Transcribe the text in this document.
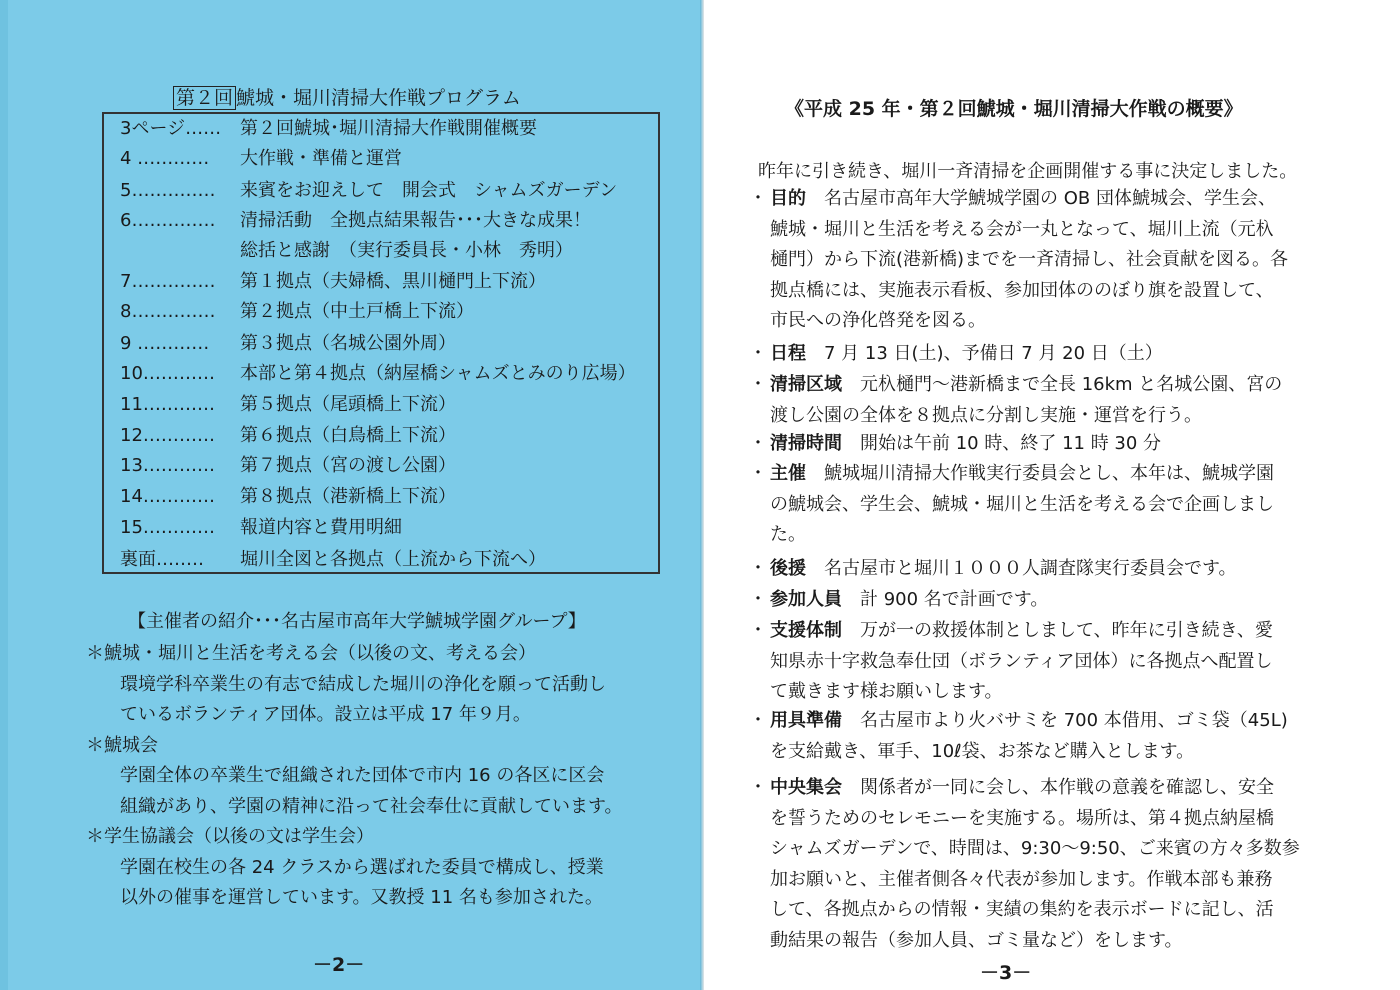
第２回 鯱城・堀川清掃大作戦プログラム
3ページ‥‥‥ 第２回鯱城･堀川清掃大作戦開催概要
4 ‥‥‥‥‥‥ 大作戦・準備と運営
5‥‥‥‥‥‥‥ 来賓をお迎えして　開会式　シャムズガーデン
6‥‥‥‥‥‥‥ 清掃活動　全拠点結果報告･･･大きな成果！
総括と感謝　（実行委員長・小林　秀明）
7‥‥‥‥‥‥‥ 第１拠点（夫婦橋、黒川樋門上下流）
8‥‥‥‥‥‥‥ 第２拠点（中土戸橋上下流）
9 ‥‥‥‥‥‥ 第３拠点（名城公園外周）
10‥‥‥‥‥‥ 本部と第４拠点（納屋橋シャムズとみのり広場）
11‥‥‥‥‥‥ 第５拠点（尾頭橋上下流）
12‥‥‥‥‥‥ 第６拠点（白鳥橋上下流）
13‥‥‥‥‥‥ 第７拠点（宮の渡し公園）
14‥‥‥‥‥‥ 第８拠点（港新橋上下流）
15‥‥‥‥‥‥ 報道内容と費用明細
裏面‥‥‥‥ 堀川全図と各拠点（上流から下流へ）
【主催者の紹介･･･名古屋市高年大学鯱城学園グループ】
＊鯱城・堀川と生活を考える会（以後の文、考える会）
環境学科卒業生の有志で結成した堀川の浄化を願って活動し
ているボランティア団体。設立は平成 17 年９月。
＊鯱城会
学園全体の卒業生で組織された団体で市内 16 の各区に区会
組織があり、学園の精神に沿って社会奉仕に貢献しています。
＊学生協議会（以後の文は学生会）
学園在校生の各 24 クラスから選ばれた委員で構成し、授業
以外の催事を運営しています。又教授 11 名も参加された。
－2－
《平成 25 年・第２回鯱城・堀川清掃大作戦の概要》
昨年に引き続き、堀川一斉清掃を企画開催する事に決定しました。
・ 目的　 名古屋市高年大学鯱城学園の OB 団体鯱城会、学生会、
鯱城・堀川と生活を考える会が一丸となって、堀川上流（元杁
樋門）から下流(港新橋)までを一斉清掃し、社会貢献を図る。各
拠点橋には、実施表示看板、参加団体ののぼり旗を設置して、
市民への浄化啓発を図る。
・ 日程　 7 月 13 日(土)、予備日 7 月 20 日（土）
・ 清掃区域　 元杁樋門～港新橋まで全長 16km と名城公園、宮の
渡し公園の全体を８拠点に分割し実施・運営を行う。
・ 清掃時間　 開始は午前 10 時、終了 11 時 30 分
・ 主催　 鯱城堀川清掃大作戦実行委員会とし、本年は、鯱城学園
の鯱城会、学生会、鯱城・堀川と生活を考える会で企画しまし
た。
・ 後援　 名古屋市と堀川１０００人調査隊実行委員会です。
・ 参加人員　 計 900 名で計画です。
・ 支援体制　 万が一の救援体制としまして、昨年に引き続き、愛
知県赤十字救急奉仕団（ボランティア団体）に各拠点へ配置し
て戴きます様お願いします。
・ 用具準備　 名古屋市より火バサミを 700 本借用、ゴミ袋（45L)
を支給戴き、軍手、10ℓ袋、お茶など購入とします。
・ 中央集会　 関係者が一同に会し、本作戦の意義を確認し、安全
を誓うためのセレモニーを実施する。場所は、第４拠点納屋橋
シャムズガーデンで、時間は、9:30～9:50、ご来賓の方々多数参
加お願いと、主催者側各々代表が参加します。作戦本部も兼務
して、各拠点からの情報・実績の集約を表示ボードに記し、活
動結果の報告（参加人員、ゴミ量など）をします。
－3－
